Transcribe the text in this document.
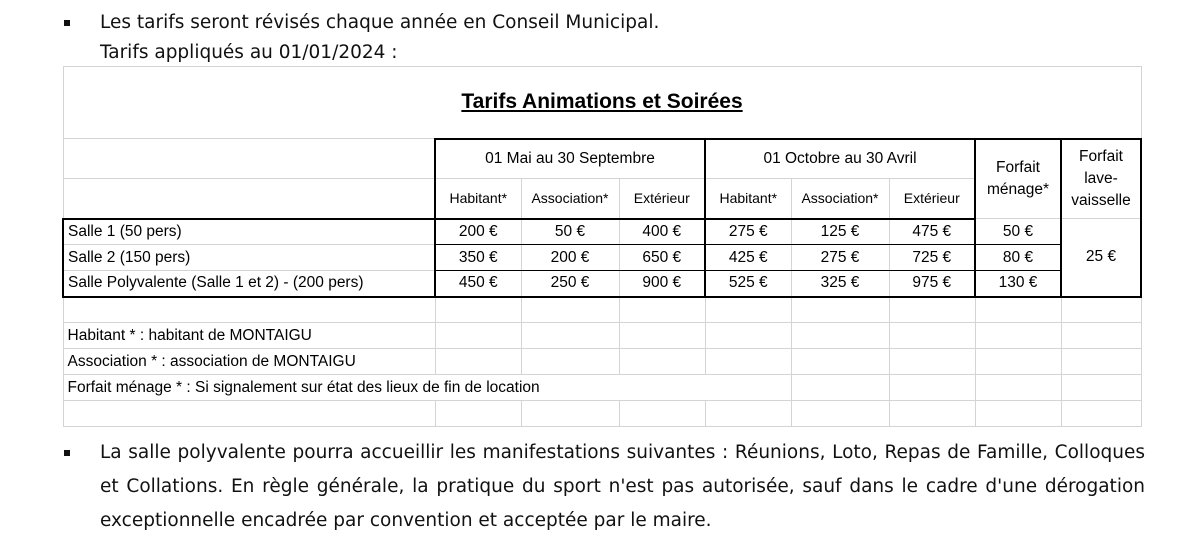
Les tarifs seront révisés chaque année en Conseil Municipal.
Tarifs appliqués au 01/01/2024 :
Tarifs Animations et Soirées								
	01 Mai au 30 Septembre			01 Octobre au 30 Avril			Forfait ménage*	Forfait lave-vaisselle
	Habitant*	Association*	Extérieur	Habitant*	Association*	Extérieur		
Salle 1 (50 pers)	200 €	50 €	400 €	275 €	125 €	475 €	50 €	25 €
Salle 2 (150 pers)	350 €	200 €	650 €	425 €	275 €	725 €	80 €	
Salle Polyvalente (Salle 1 et 2) - (200 pers)	450 €	250 €	900 €	525 €	325 €	975 €	130 €	

Habitant * : habitant de MONTAIGU								
Association * : association de MONTAIGU								
Forfait ménage * : Si signalement sur état des lieux de fin de location								

La salle polyvalente pourra accueillir les manifestations suivantes : Réunions, Loto, Repas de Famille, Colloques et Collations. En règle générale, la pratique du sport n'est pas autorisée, sauf dans le cadre d'une dérogation exceptionnelle encadrée par convention et acceptée par le maire.
